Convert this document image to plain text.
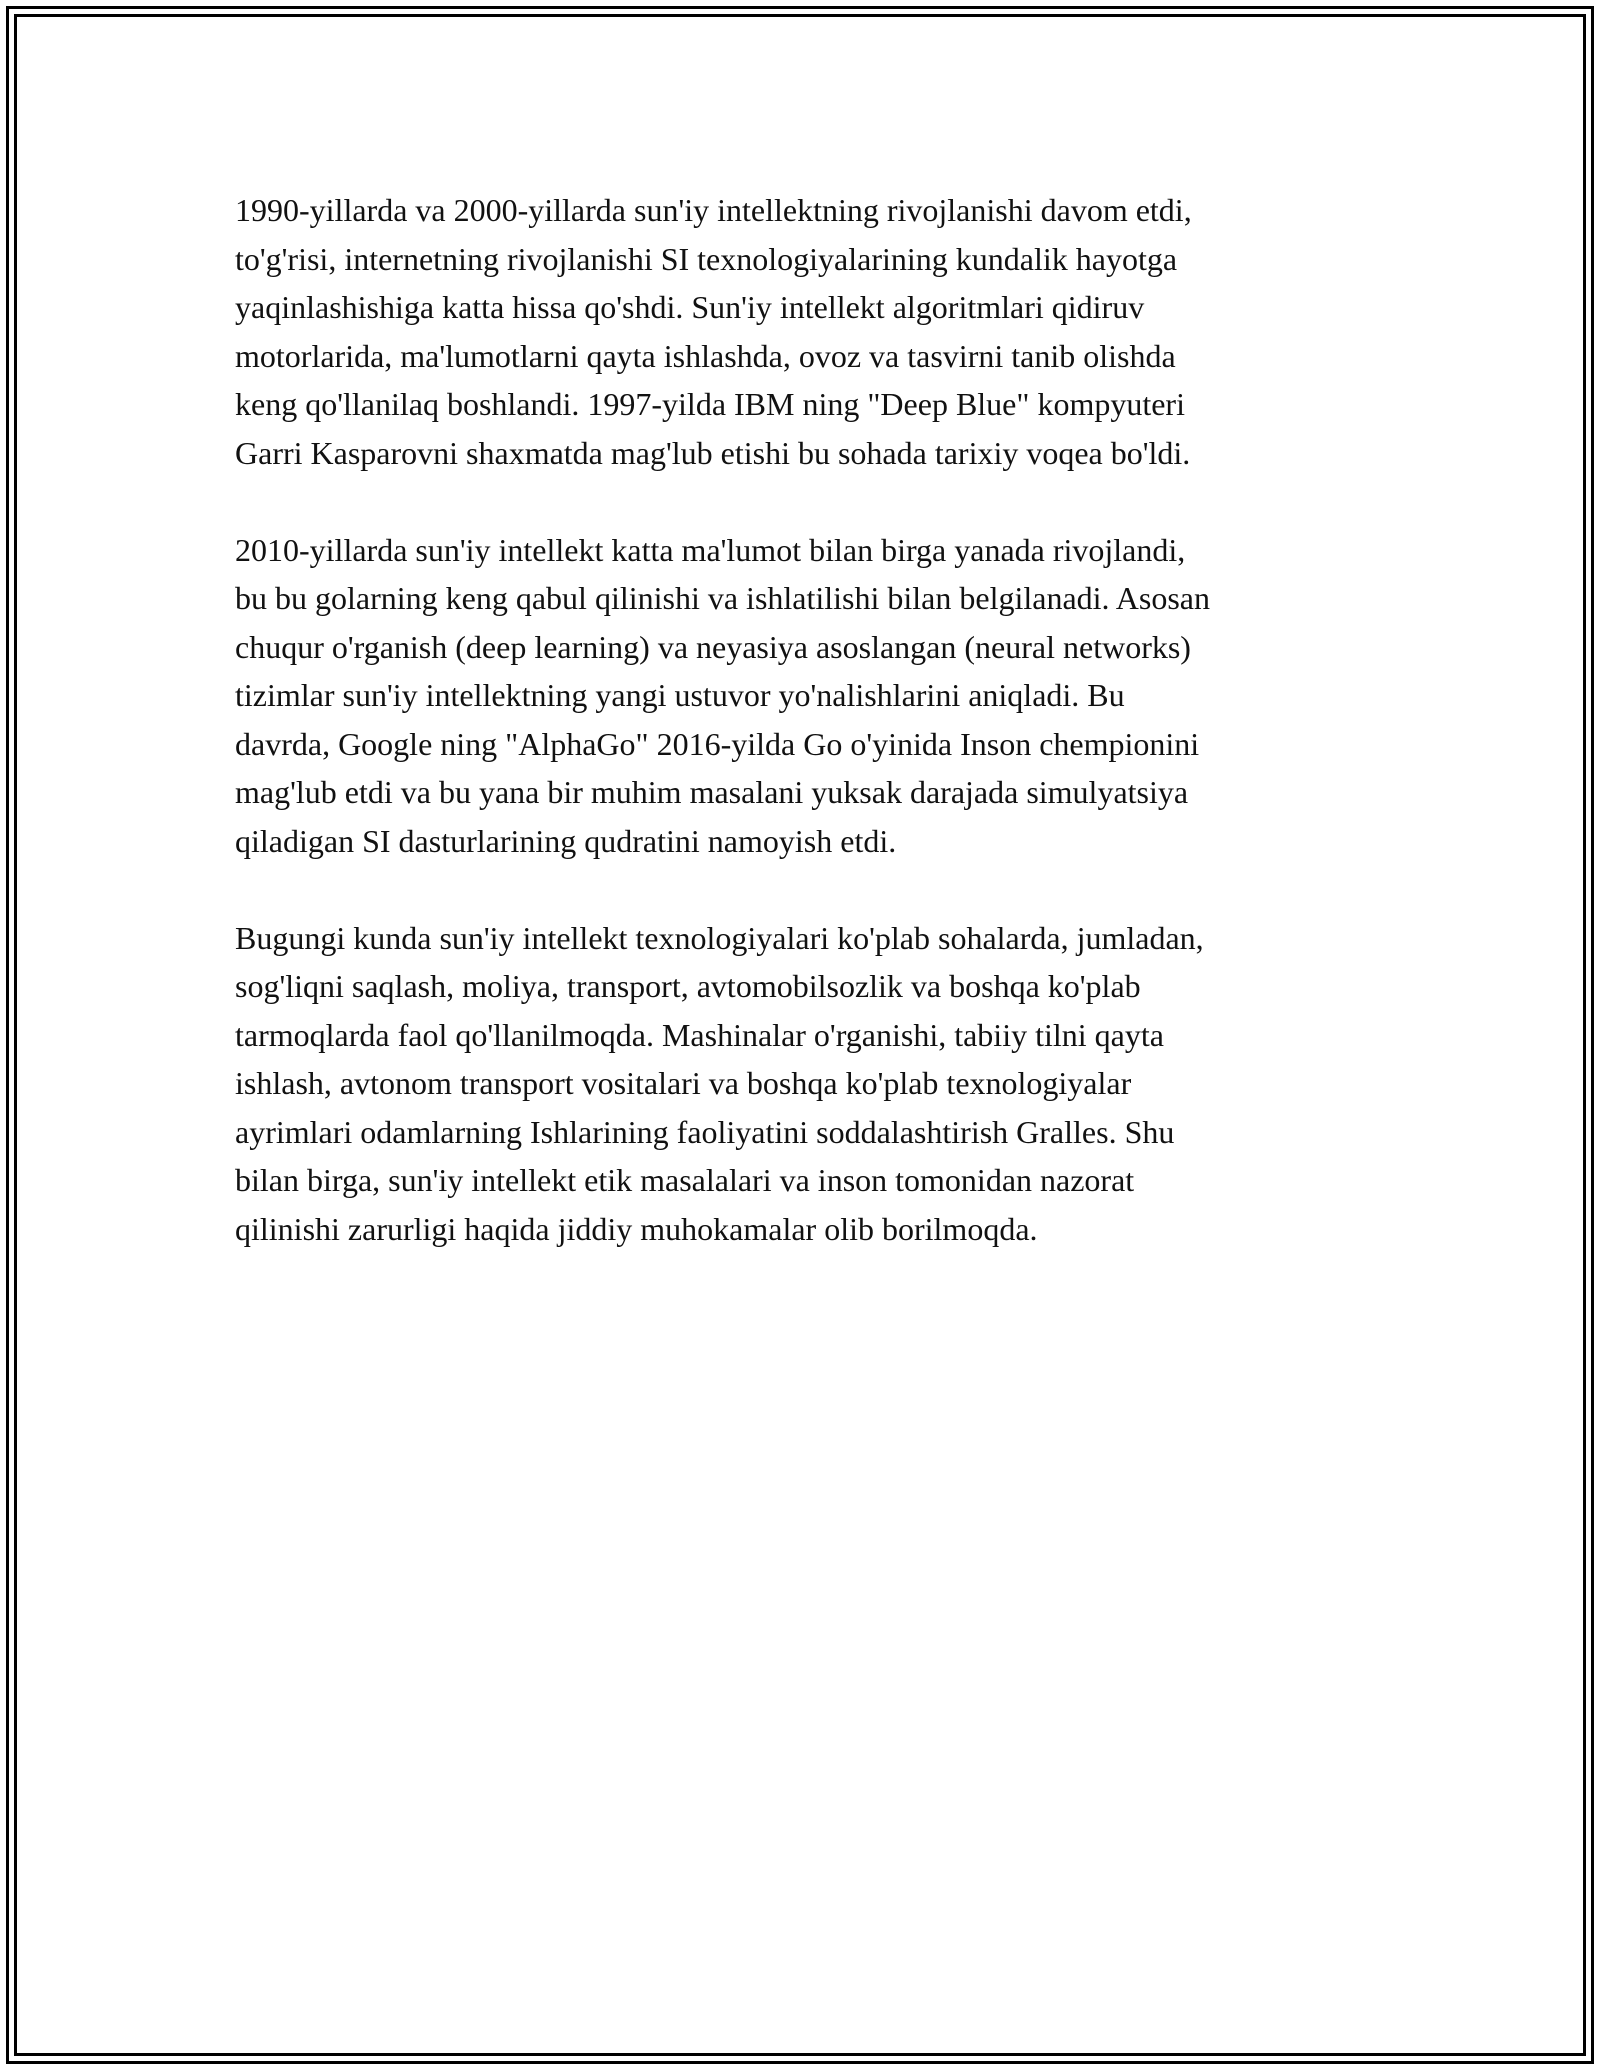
1990-yillarda va 2000-yillarda sun'iy intellektning rivojlanishi davom etdi,
to'g'risi, internetning rivojlanishi SI texnologiyalarining kundalik hayotga
yaqinlashishiga katta hissa qo'shdi. Sun'iy intellekt algoritmlari qidiruv
motorlarida, ma'lumotlarni qayta ishlashda, ovoz va tasvirni tanib olishda
keng qo'llanilaq boshlandi. 1997-yilda IBM ning "Deep Blue" kompyuteri
Garri Kasparovni shaxmatda mag'lub etishi bu sohada tarixiy voqea bo'ldi.

2010-yillarda sun'iy intellekt katta ma'lumot bilan birga yanada rivojlandi,
bu bu golarning keng qabul qilinishi va ishlatilishi bilan belgilanadi. Asosan
chuqur o'rganish (deep learning) va neyasiya asoslangan (neural networks)
tizimlar sun'iy intellektning yangi ustuvor yo'nalishlarini aniqladi. Bu
davrda, Google ning "AlphaGo" 2016-yilda Go o'yinida Inson chempionini
mag'lub etdi va bu yana bir muhim masalani yuksak darajada simulyatsiya
qiladigan SI dasturlarining qudratini namoyish etdi.

Bugungi kunda sun'iy intellekt texnologiyalari ko'plab sohalarda, jumladan,
sog'liqni saqlash, moliya, transport, avtomobilsozlik va boshqa ko'plab
tarmoqlarda faol qo'llanilmoqda. Mashinalar o'rganishi, tabiiy tilni qayta
ishlash, avtonom transport vositalari va boshqa ko'plab texnologiyalar
ayrimlari odamlarning Ishlarining faoliyatini soddalashtirish Gralles. Shu
bilan birga, sun'iy intellekt etik masalalari va inson tomonidan nazorat
qilinishi zarurligi haqida jiddiy muhokamalar olib borilmoqda.
